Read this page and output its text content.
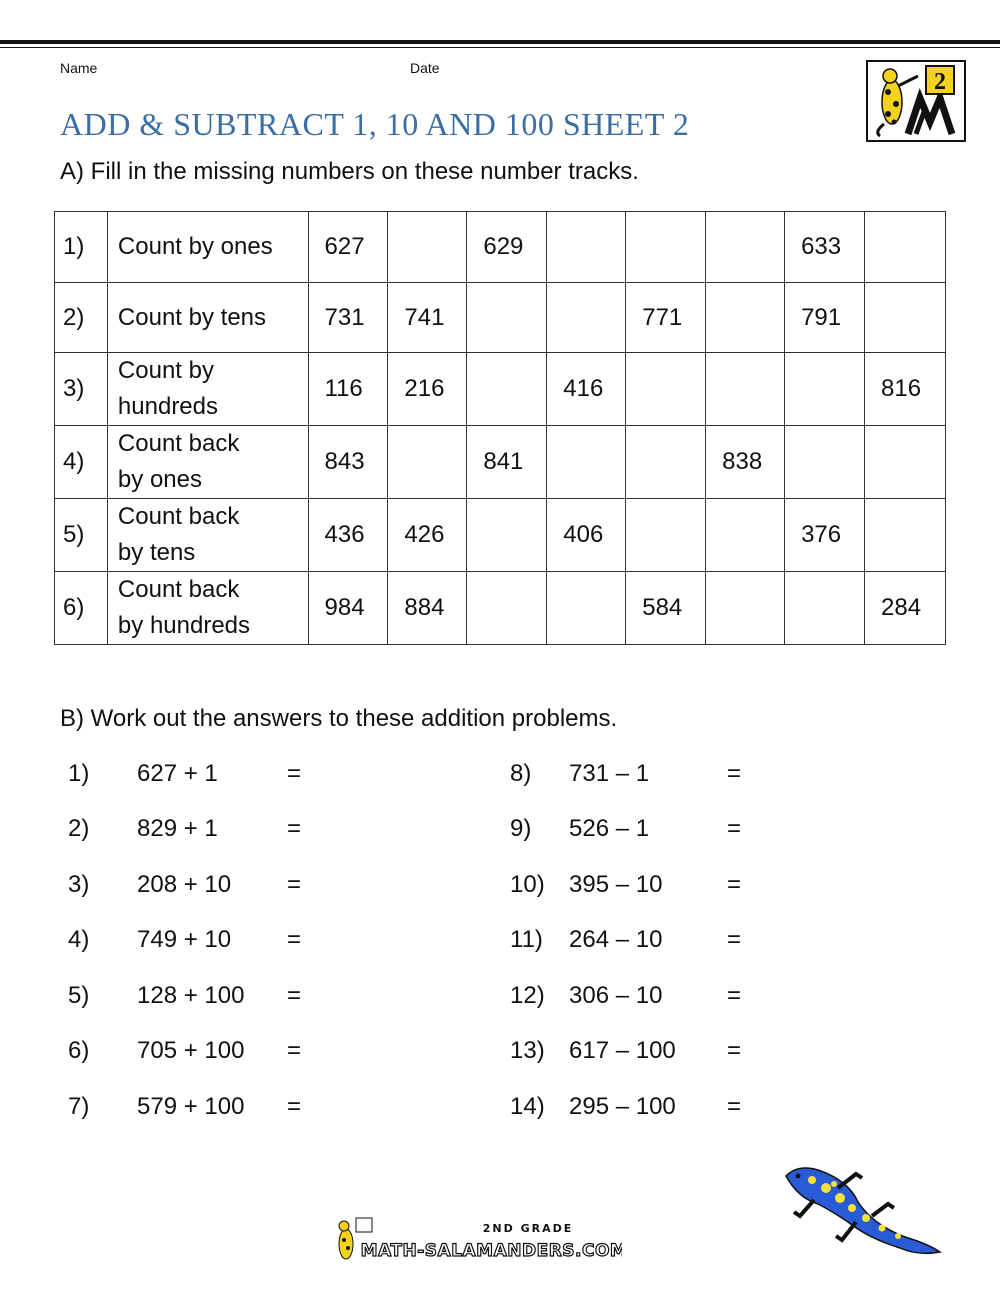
Name	Date
2
ADD & SUBTRACT 1, 10 AND 100 SHEET 2
A) Fill in the missing numbers on these number tracks.
1)	Count by ones	627		629				633	
2)	Count by tens	731	741			771		791	
3)	Count by
hundreds	116	216		416				816
4)	Count back
by ones	843		841			838		
5)	Count back
by tens	436	426		406			376	
6)	Count back
by hundreds	984	884			584			284
B) Work out the answers to these addition problems.
1) 627 + 1	=
2) 829 + 1	=
3) 208 + 10 =
4) 749 + 10 =
5) 128 + 100 =
6) 705 + 100 =
7) 579 + 100 =
8) 731 – 1	=
9) 526 – 1	=
10) 395 – 10	=
11) 264 – 10	=
12) 306 – 10	=
13) 617 – 100 =
14) 295 – 100 =
2ND GRADE
MATH-SALAMANDERS.COM
